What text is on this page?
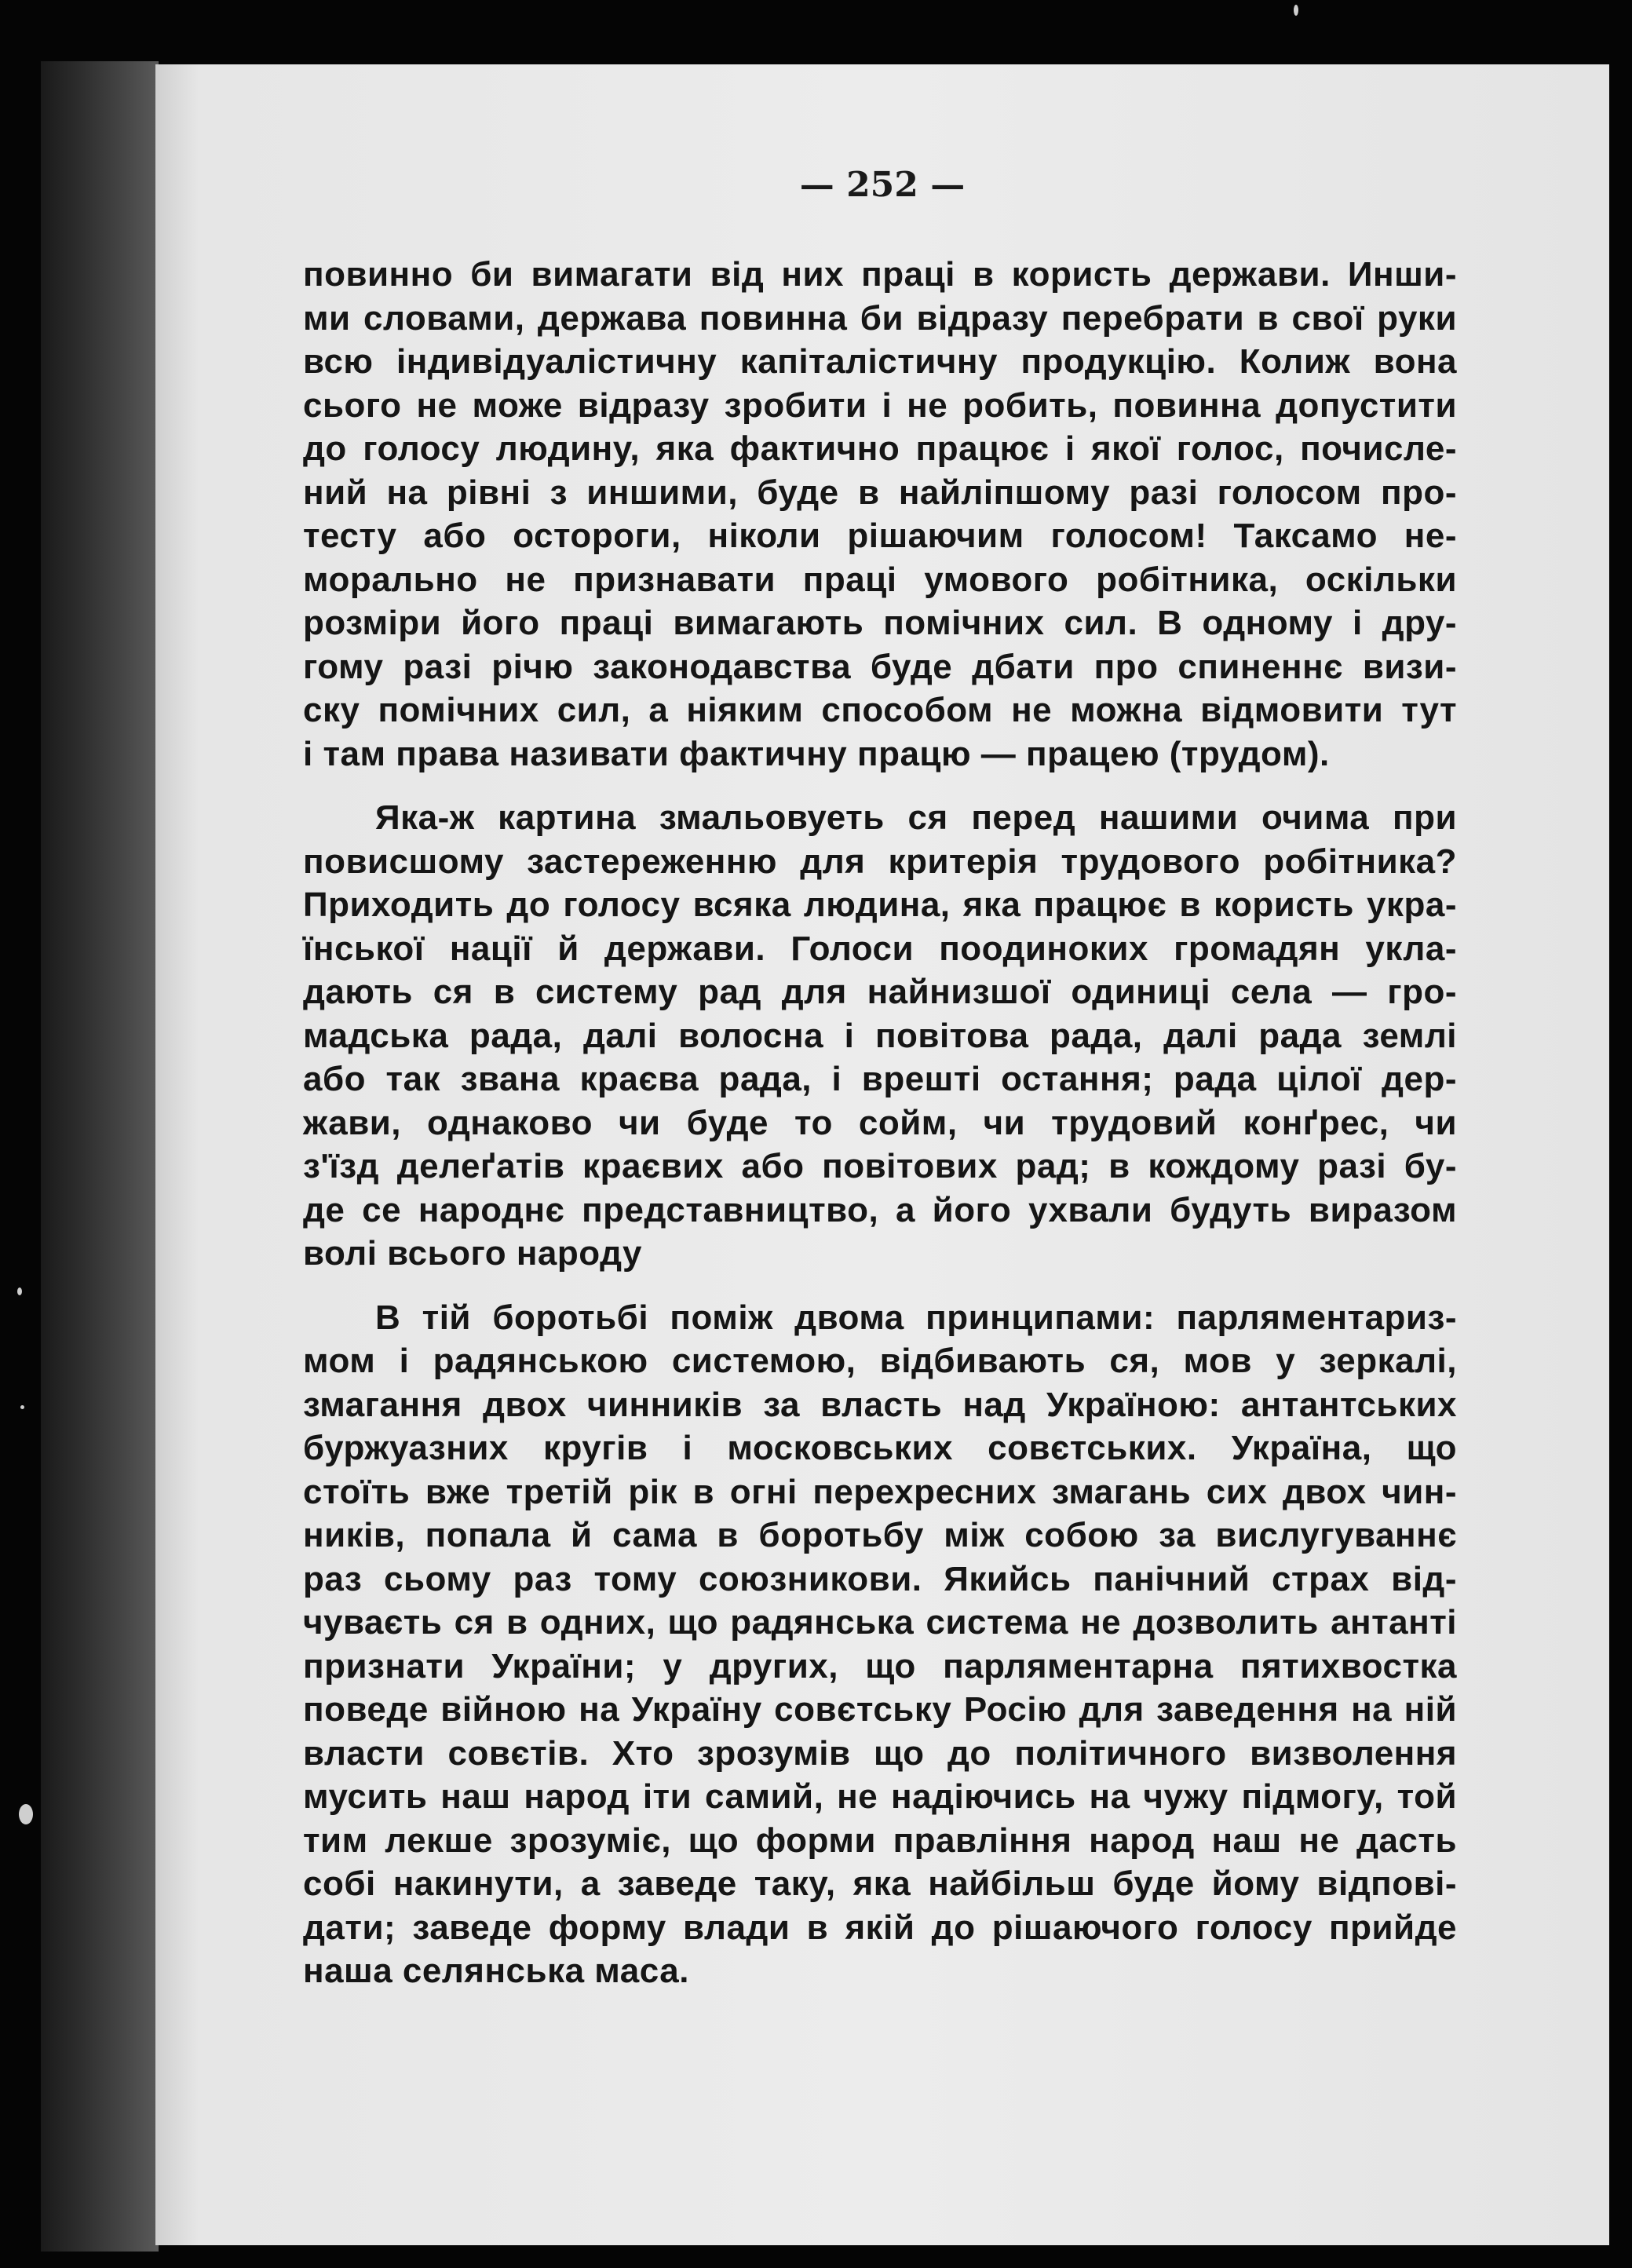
— 252 —

повинно би вимагати від них праці в користь держави. Инши-
ми словами, держава повинна би відразу перебрати в свої руки
всю індивідуалістичну капіталістичну продукцію. Колиж вона
сього не може відразу зробити і не робить, повинна допустити
до голосу людину, яка фактично працює і якої голос, почисле-
ний на рівні з иншими, буде в найліпшому разі голосом про-
тесту або остороги, ніколи рішаючим голосом! Таксамо не-
морально не признавати праці умового робітника, оскільки
розміри його праці вимагають помічних сил. В одному і дру-
гому разі річю законодавства буде дбати про спиненнє визи-
ску помічних сил, а ніяким способом не можна відмовити тут
і там права називати фактичну працю — працею (трудом).

Яка-ж картина змальовуеть ся перед нашими очима при
повисшому застереженню для критерія трудового робітника?
Приходить до голосу всяка людина, яка працює в користь укра-
їнської нації й держави. Голоси поодиноких громадян укла-
дають ся в систему рад для найнизшої одиниці села — гро-
мадська рада, далі волосна і повітова рада, далі рада землі
або так звана краєва рада, і врешті остання; рада цілої дер-
жави, однаково чи буде то сойм, чи трудовий конґрес, чи
з'їзд делеґатів краєвих або повітових рад; в кождому разі бу-
де се народнє представництво, а його ухвали будуть виразом
волі всього народу

В тій боротьбі поміж двома принципами: парляментариз-
мом і радянською системою, відбивають ся, мов у зеркалі,
змагання двох чинників за власть над Україною: антантських
буржуазних кругів і московських совєтських. Україна, що
стоїть вже третій рік в огні перехресних змагань сих двох чин-
ників, попала й сама в боротьбу між собою за вислугуваннє
раз сьому раз тому союзникови. Якийсь панічний страх від-
чуваєть ся в одних, що радянська система не дозволить антанті
признати України; у других, що парляментарна пятихвостка
поведе війною на Україну совєтську Росію для заведення на ній
власти совєтів. Хто зрозумів що до політичного визволення
мусить наш народ іти самий, не надіючись на чужу підмогу, той
тим лекше зрозуміє, що форми правління народ наш не дасть
собі накинути, а заведе таку, яка найбільш буде йому відпові-
дати; заведе форму влади в якій до рішаючого голосу прийде
наша селянська маса.
